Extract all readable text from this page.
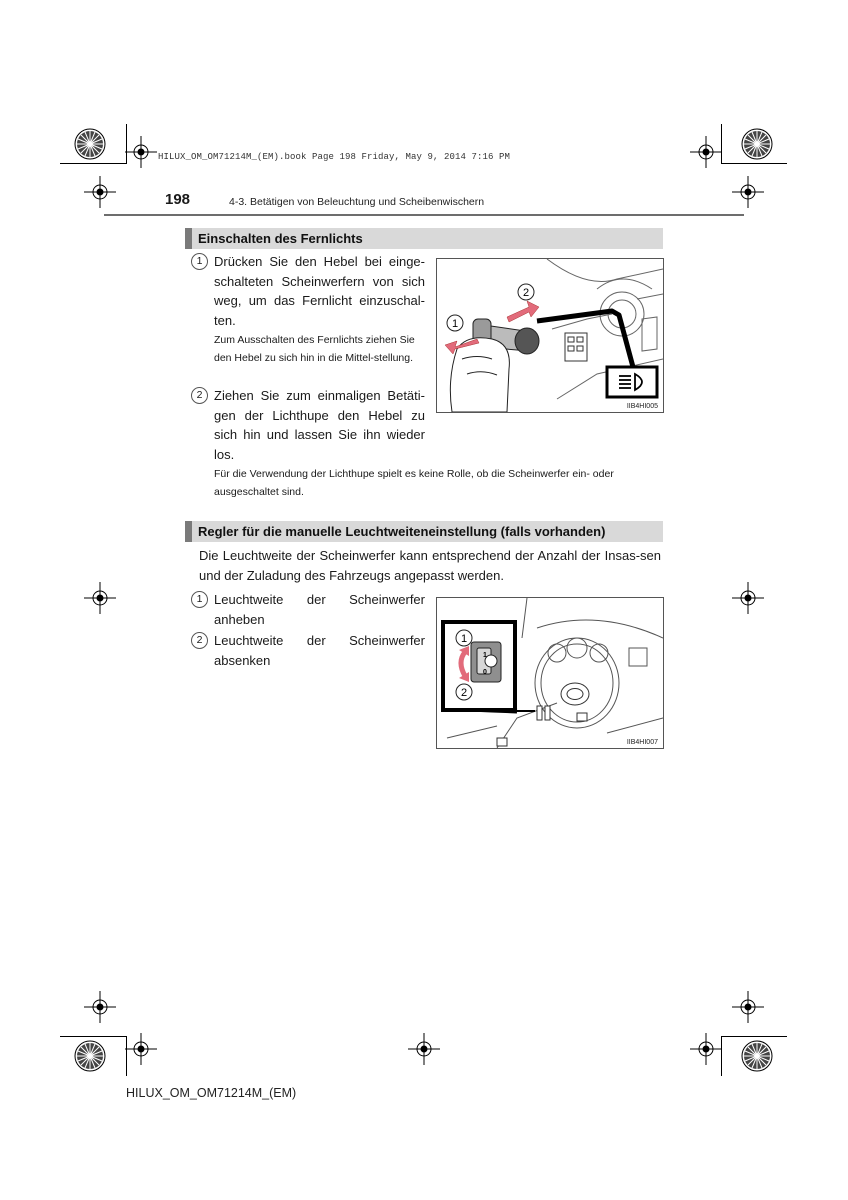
HILUX_OM_OM71214M_(EM).book Page 198 Friday, May 9, 2014 7:16 PM
198	4-3. Betätigen von Beleuchtung und Scheibenwischern
Einschalten des Fernlichts
1 Drücken Sie den Hebel bei einge-schalteten Scheinwerfern von sich weg, um das Fernlicht einzuschal-ten.
Zum Ausschalten des Fernlichts ziehen Sie den Hebel zu sich hin in die Mittel-stellung.
2 Ziehen Sie zum einmaligen Betäti-gen der Lichthupe den Hebel zu sich hin und lassen Sie ihn wieder los.
1
2
IIB4HI005
Für die Verwendung der Lichthupe spielt es keine Rolle, ob die Scheinwerfer ein- oder ausgeschaltet sind.
Regler für die manuelle Leuchtweiteneinstellung (falls vorhanden)
Die Leuchtweite der Scheinwerfer kann entsprechend der Anzahl der Insas-sen und der Zuladung des Fahrzeugs angepasst werden.
1 Leuchtweite der Scheinwerfer anheben
2 Leuchtweite der Scheinwerfer absenken	1
0
1
2
IIB4HI007
HILUX_OM_OM71214M_(EM)
